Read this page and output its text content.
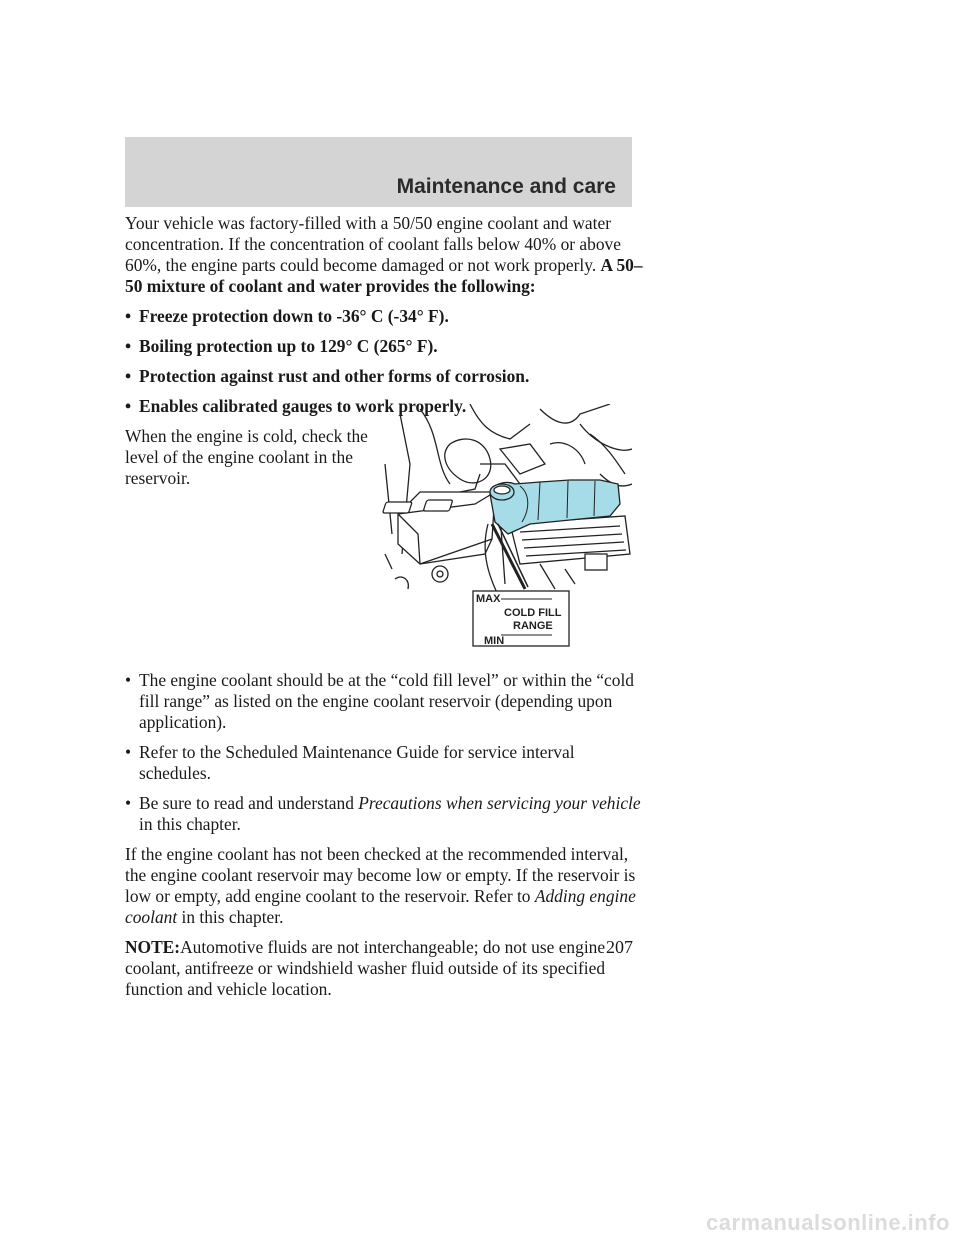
Maintenance and care

Your vehicle was factory-filled with a 50/50 engine coolant and water concentration. If the concentration of coolant falls below 40% or above 60%, the engine parts could become damaged or not work properly. A 50–50 mixture of coolant and water provides the following:

• Freeze protection down to -36° C (-34° F).
• Boiling protection up to 129° C (265° F).
• Protection against rust and other forms of corrosion.
• Enables calibrated gauges to work properly.
When the engine is cold, check the level of the engine coolant in the reservoir.
MAX
COLD FILL
RANGE
MIN
• The engine coolant should be at the “cold fill level” or within the “cold fill range” as listed on the engine coolant reservoir (depending upon application).
• Refer to the Scheduled Maintenance Guide for service interval schedules.
• Be sure to read and understand Precautions when servicing your vehicle in this chapter.

If the engine coolant has not been checked at the recommended interval, the engine coolant reservoir may become low or empty. If the reservoir is low or empty, add engine coolant to the reservoir. Refer to Adding engine coolant in this chapter.

NOTE:Automotive fluids are not interchangeable; do not use engine coolant, antifreeze or windshield washer fluid outside of its specified function and vehicle location.

207
carmanualsonline.info
